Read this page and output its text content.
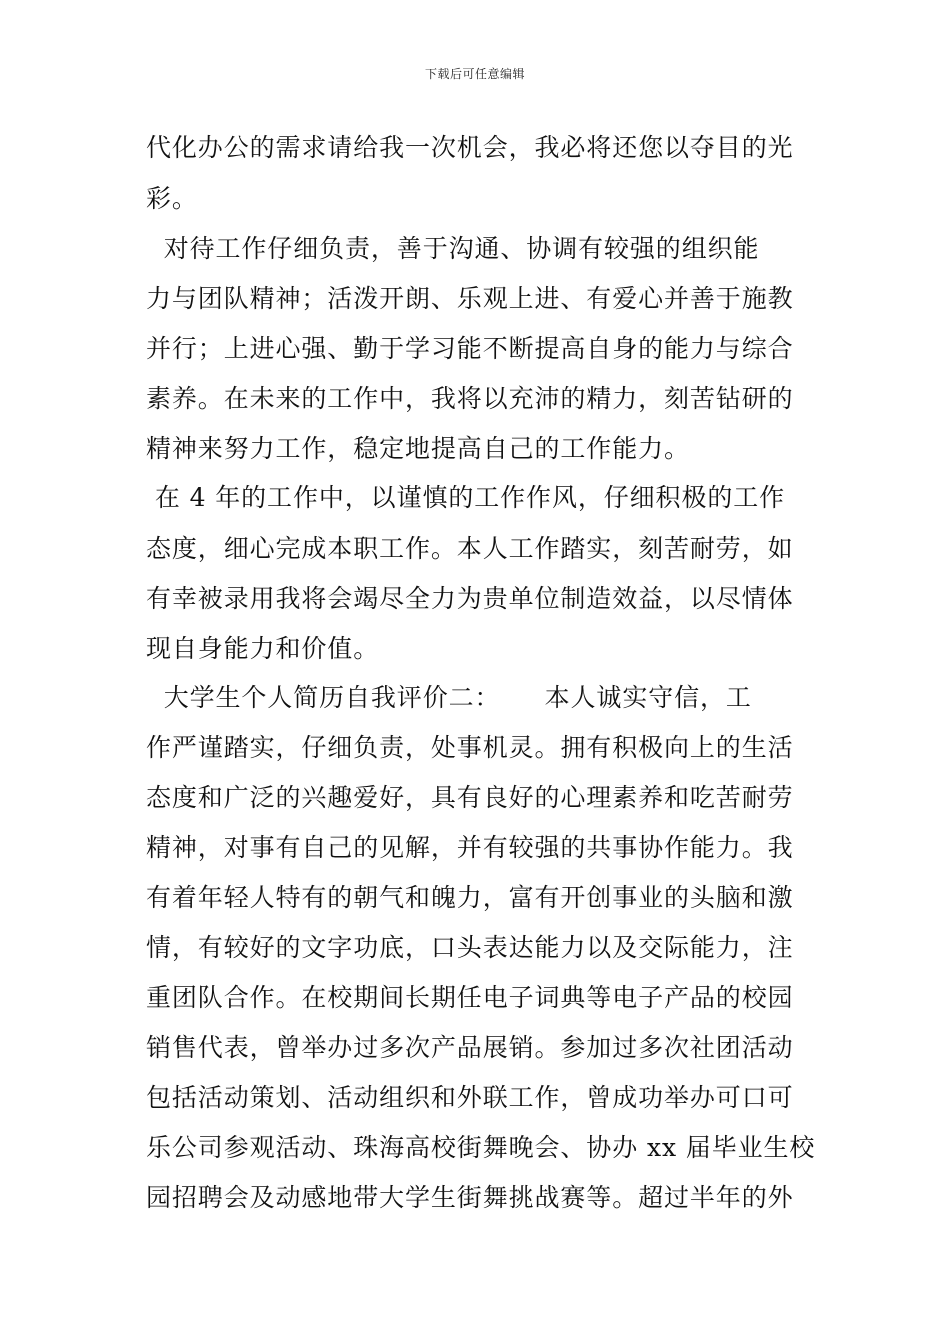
下载后可任意编辑
代化办公的需求请给我一次机会，我必将还您以夺目的光
彩。
对待工作仔细负责，善于沟通、协调有较强的组织能
力与团队精神；活泼开朗、乐观上进、有爱心并善于施教
并行；上进心强、勤于学习能不断提高自身的能力与综合
素养。在未来的工作中，我将以充沛的精力，刻苦钻研的
精神来努力工作，稳定地提高自己的工作能力。
在 4 年的工作中，以谨慎的工作作风，仔细积极的工作
态度，细心完成本职工作。本人工作踏实，刻苦耐劳，如
有幸被录用我将会竭尽全力为贵单位制造效益，以尽情体
现自身能力和价值。
大学生个人简历自我评价二：     本人诚实守信，工
作严谨踏实，仔细负责，处事机灵。拥有积极向上的生活
态度和广泛的兴趣爱好，具有良好的心理素养和吃苦耐劳
精神，对事有自己的见解，并有较强的共事协作能力。我
有着年轻人特有的朝气和魄力，富有开创事业的头脑和激
情，有较好的文字功底，口头表达能力以及交际能力，注
重团队合作。在校期间长期任电子词典等电子产品的校园
销售代表，曾举办过多次产品展销。参加过多次社团活动
包括活动策划、活动组织和外联工作，曾成功举办可口可
乐公司参观活动、珠海高校街舞晚会、协办 xx 届毕业生校
园招聘会及动感地带大学生街舞挑战赛等。超过半年的外
